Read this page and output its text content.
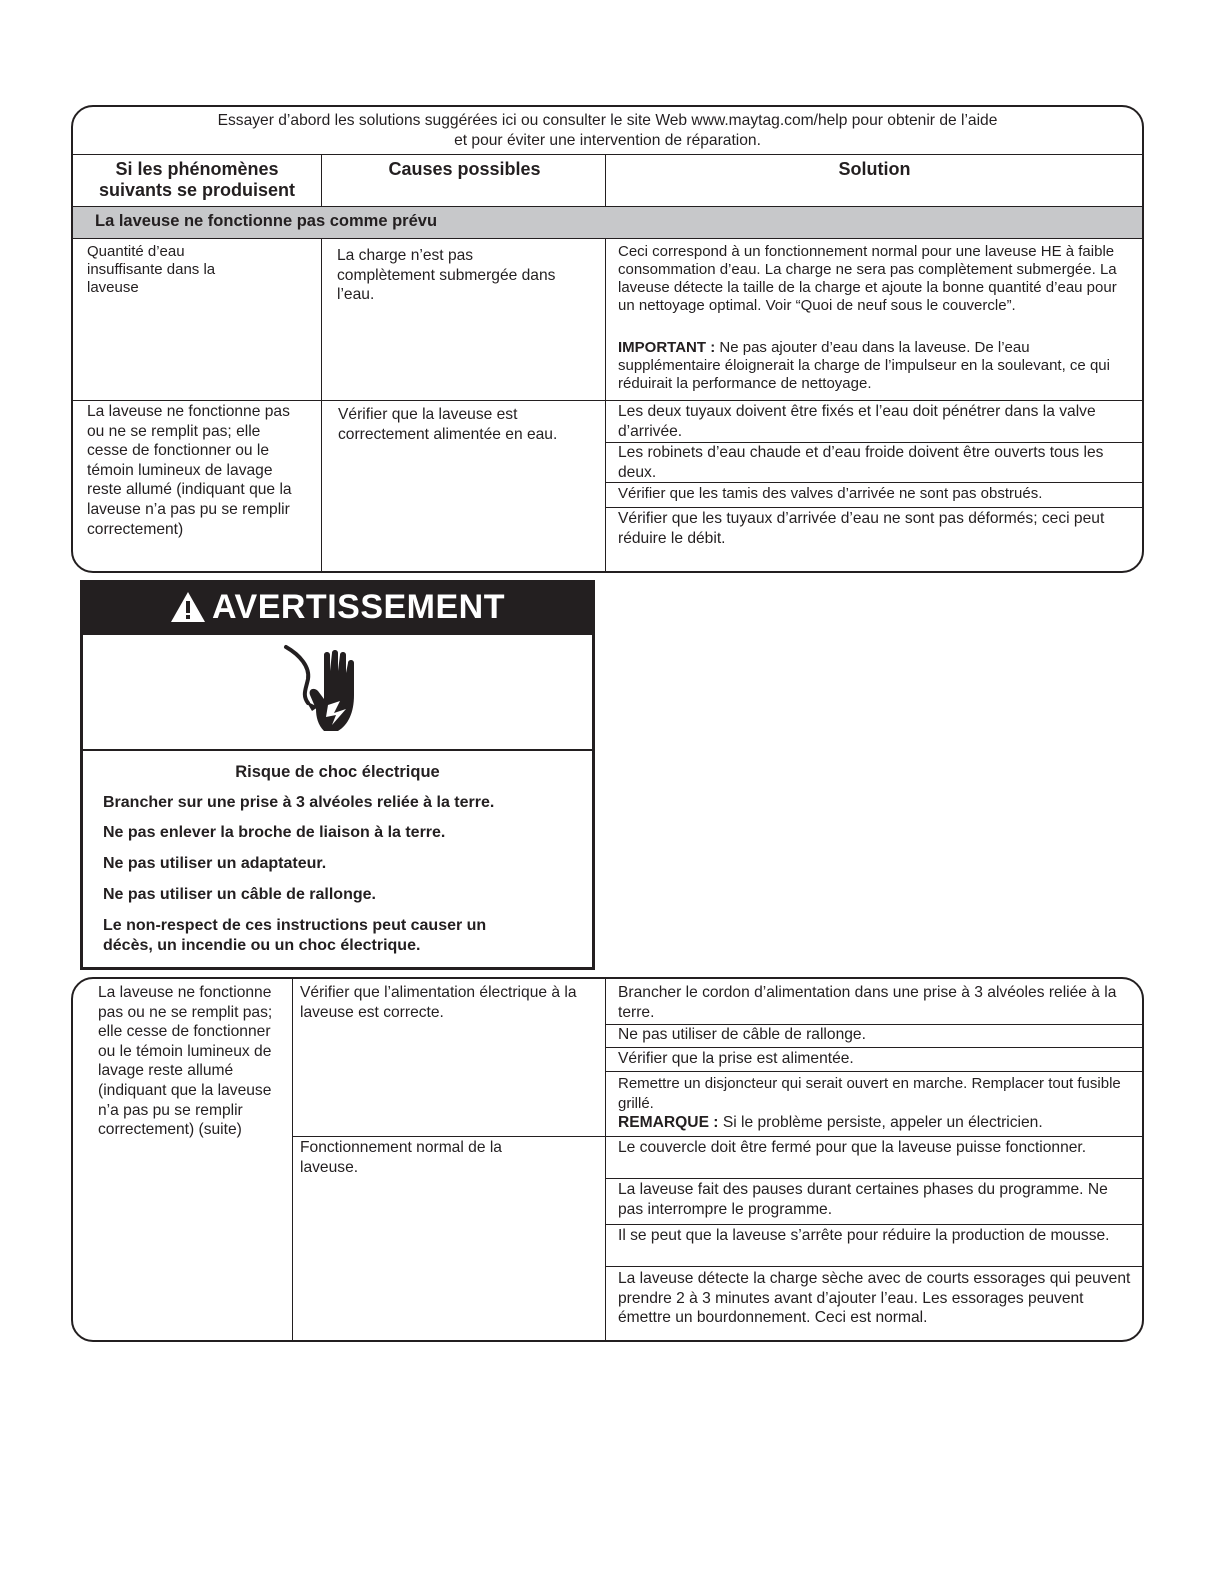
Essayer d’abord les solutions suggérées ici ou consulter le site Web www.maytag.com/help pour obtenir de l’aide

et pour éviter une intervention de réparation.

Si les phénomènes suivants se produisent

Causes possibles	Solution

La laveuse ne fonctionne pas comme prévu

Quantité d’eau insuffisante dans la laveuse

La charge n’est pas complètement submergée dans l’eau.

Ceci correspond à un fonctionnement normal pour une laveuse HE à faible consommation d’eau. La charge ne sera pas complètement submergée. La laveuse détecte la taille de la charge et ajoute la bonne quantité d’eau pour un nettoyage optimal. Voir “Quoi de neuf sous le couvercle”.

IMPORTANT : Ne pas ajouter d’eau dans la laveuse. De l’eau supplémentaire éloignerait la charge de l’impulseur en la soulevant, ce qui réduirait la performance de nettoyage.

La laveuse ne fonctionne pas ou ne se remplit pas; elle cesse de fonctionner ou le témoin lumineux de lavage reste allumé (indiquant que la laveuse n’a pas pu se remplir correctement)

Vérifier que la laveuse est correctement alimentée en eau.

Les deux tuyaux doivent être fixés et l’eau doit pénétrer dans la valve d’arrivée.

Les robinets d’eau chaude et d’eau froide doivent être ouverts tous les deux.

Vérifier que les tamis des valves d’arrivée ne sont pas obstrués.

Vérifier que les tuyaux d’arrivée d’eau ne sont pas déformés; ceci peut réduire le débit.

AVERTISSEMENT

Risque de choc électrique

Brancher sur une prise à 3 alvéoles reliée à la terre.

Ne pas enlever la broche de liaison à la terre.

Ne pas utiliser un adaptateur.

Ne pas utiliser un câble de rallonge.

Le non-respect de ces instructions peut causer un décès, un incendie ou un choc électrique.

La laveuse ne fonctionne pas ou ne se remplit pas; elle cesse de fonctionner ou le témoin lumineux de lavage reste allumé (indiquant que la laveuse n’a pas pu se remplir correctement) (suite)

Vérifier que l’alimentation électrique à la laveuse est correcte.

Fonctionnement normal de la laveuse.

Brancher le cordon d’alimentation dans une prise à 3 alvéoles reliée à la terre.

Ne pas utiliser de câble de rallonge.

Vérifier que la prise est alimentée.

Remettre un disjoncteur qui serait ouvert en marche. Remplacer tout fusible grillé.

REMARQUE : Si le problème persiste, appeler un électricien.

Le couvercle doit être fermé pour que la laveuse puisse fonctionner.

La laveuse fait des pauses durant certaines phases du programme. Ne pas interrompre le programme.

Il se peut que la laveuse s’arrête pour réduire la production de mousse.

La laveuse détecte la charge sèche avec de courts essorages qui peuvent prendre 2 à 3 minutes avant d’ajouter l’eau. Les essorages peuvent émettre un bourdonnement. Ceci est normal.
